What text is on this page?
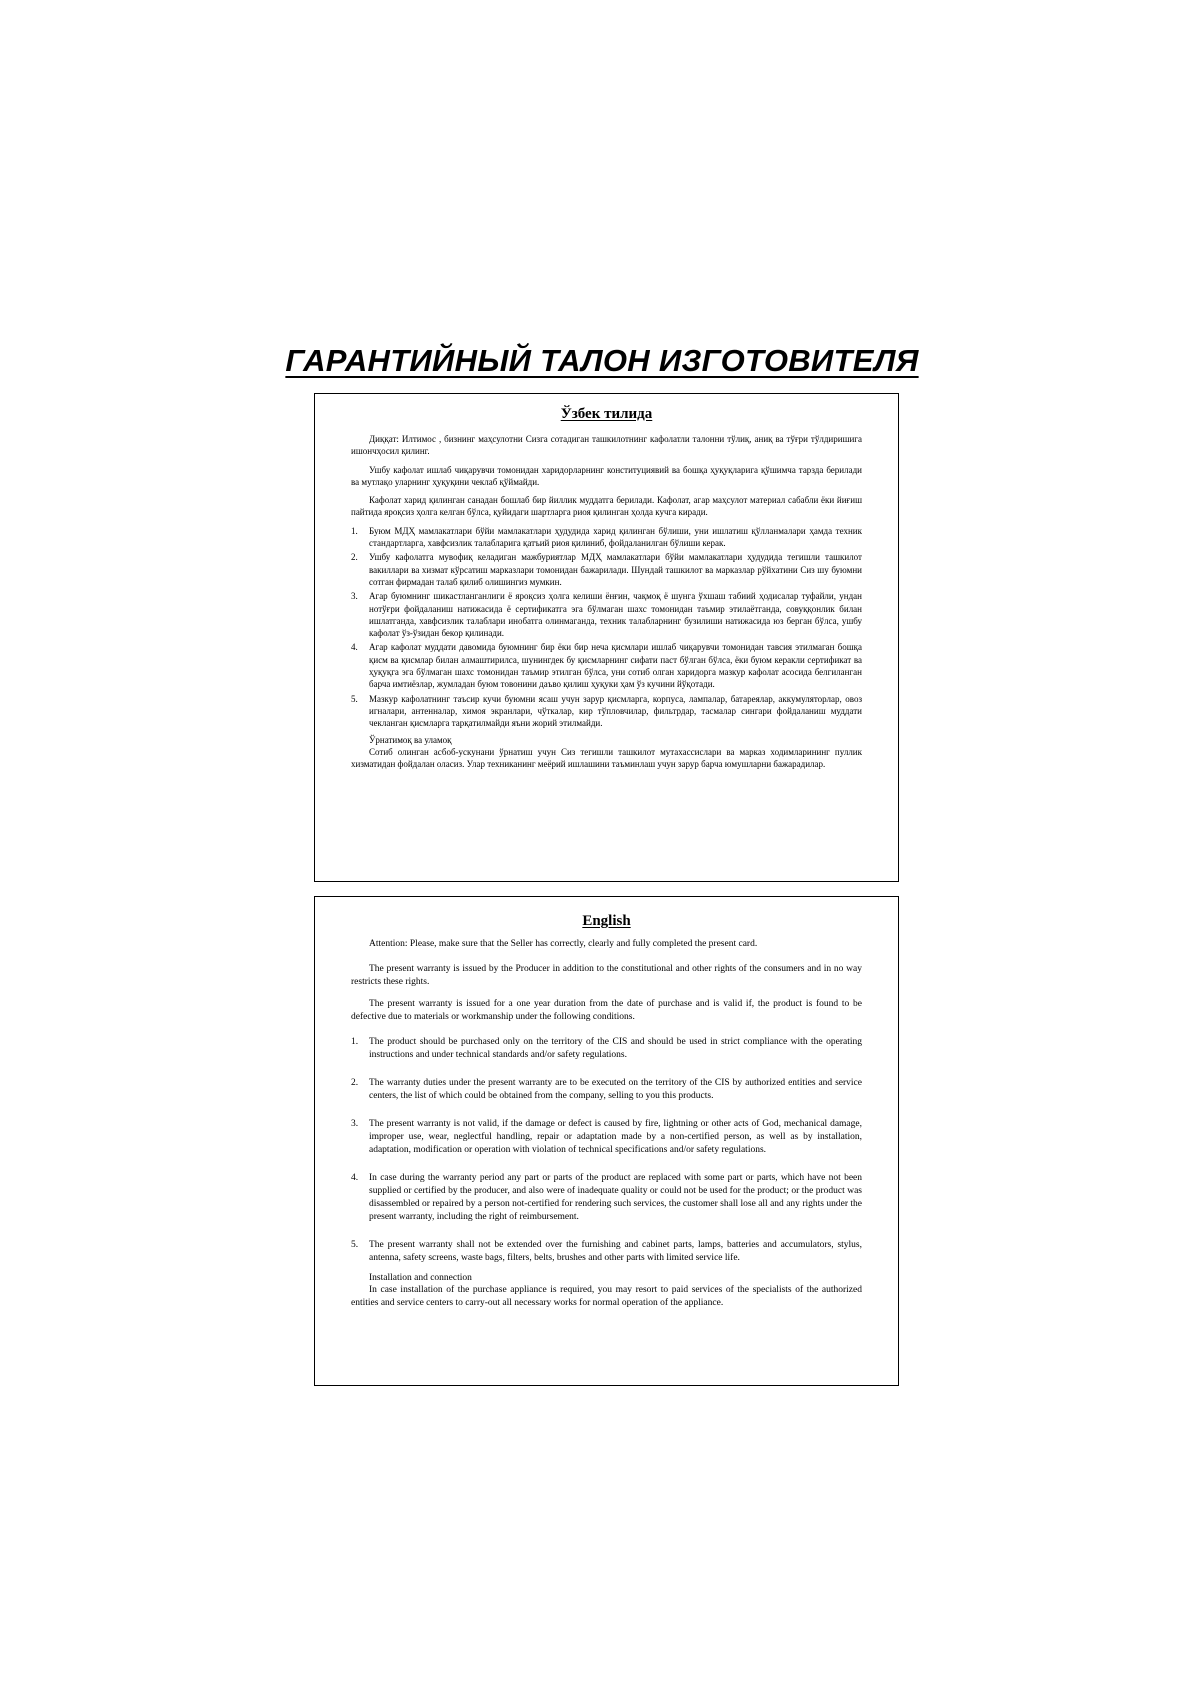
ГАРАНТИЙНЫЙ ТАЛОН ИЗГОТОВИТЕЛЯ
Ўзбек тилида

Диққат: Илтимос , бизнинг маҳсулотни Сизга сотадиган ташкилотнинг кафолатли талонни тўлиқ, аниқ ва тўғри тўлдиришига ишончҳосил қилинг.

Ушбу кафолат ишлаб чиқарувчи томонидан харидорларнинг конституциявий ва бошқа ҳуқуқларига қўшимча тарзда берилади ва мутлақо уларнинг ҳуқуқини чеклаб қўймайди.

Кафолат харид қилинган санадан бошлаб бир йиллик муддатга берилади. Кафолат, агар маҳсулот материал сабабли ёки йиғиш пайтида яроқсиз ҳолга келган бўлса, қуйидаги шартларга риоя қилинган ҳолда кучга киради.

1. Буюм МДҲ мамлакатлари бўйи мамлакатлари ҳудудида харид қилинган бўлиши, уни ишлатиш қўлланмалари ҳамда техник стандартларга, хавфсизлик талабларига қатъий риоя қилиниб, фойдаланилган бўлиши керак.
2. Ушбу кафолатга мувофиқ келадиган мажбуриятлар МДҲ мамлакатлари бўйи мамлакатлари ҳудудида тегишли ташкилот вакиллари ва хизмат кўрсатиш марказлари томонидан бажарилади. Шундай ташкилот ва марказлар рўйхатини Сиз шу буюмни сотган фирмадан талаб қилиб олишингиз мумкин.
3. Агар буюмнинг шикастланганлиги ё яроқсиз ҳолга келиши ёнғин, чақмоқ ё шунга ўхшаш табиий ҳодисалар туфайли, ундан нотўғри фойдаланиш натижасида ё сертификатга эга бўлмаган шахс томонидан таъмир этилаётганда, совуққонлик билан ишлатганда, хавфсизлик талаблари инобатга олинмаганда, техник талабларнинг бузилиши натижасида юз берган бўлса, ушбу кафолат ўз-ўзидан бекор қилинади.
4. Агар кафолат муддати давомида буюмнинг бир ёки бир неча қисмлари ишлаб чиқарувчи томонидан тавсия этилмаган бошқа қисм ва қисмлар билан алмаштирилса, шунингдек бу қисмларнинг сифати паст бўлган бўлса, ёки буюм керакли сертификат ва ҳуқуқга эга бўлмаган шахс томонидан таъмир этилган бўлса, уни сотиб олган харидорга мазкур кафолат асосида белгиланган барча имтиёзлар, жумладан буюм товонини даъво қилиш ҳуқуки ҳам ўз кучини йўқотади.
5. Мазкур кафолатнинг таъсир кучи буюмни ясаш учун зарур қисмларга, корпуса, лампалар, батареялар, аккумуляторлар, овоз игналари, антенналар, химоя экранлари, чўткалар, кир тўпловчилар, фильтрдар, тасмалар сингари фойдаланиш муддати чекланган қисмларга тарқатилмайди яъни жорий этилмайди.

Ўрнатимоқ ва уламоқ

Сотиб олинган асбоб-ускунани ўрнатиш учун Сиз тегишли ташкилот мутахассислари ва марказ ходимларининг пуллик хизматидан фойдалан оласиз. Улар техниканинг меёрий ишлашини таъминлаш учун зарур барча юмушларни бажарадилар.

English

Attention: Please, make sure that the Seller has correctly, clearly and fully completed the present card.

The present warranty is issued by the Producer in addition to the constitutional and other rights of the consumers and in no way restricts these rights.

The present warranty is issued for a one year duration from the date of purchase and is valid if, the product is found to be defective due to materials or workmanship under the following conditions.

1. The product should be purchased only on the territory of the CIS and should be used in strict compliance with the operating instructions and under technical standards and/or safety regulations.
2. The warranty duties under the present warranty are to be executed on the territory of the CIS by authorized entities and service centers, the list of which could be obtained from the company, selling to you this products.
3. The present warranty is not valid, if the damage or defect is caused by fire, lightning or other acts of God, mechanical damage, improper use, wear, neglectful handling, repair or adaptation made by a non-certified person, as well as by installation, adaptation, modification or operation with violation of technical specifications and/or safety regulations.
4. In case during the warranty period any part or parts of the product are replaced with some part or parts, which have not been supplied or certified by the producer, and also were of inadequate quality or could not be used for the product; or the product was disassembled or repaired by a person not-certified for rendering such services, the customer shall lose all and any rights under the present warranty, including the right of reimbursement.
5. The present warranty shall not be extended over the furnishing and cabinet parts, lamps, batteries and accumulators, stylus, antenna, safety screens, waste bags, filters, belts, brushes and other parts with limited service life.

Installation and connection

In case installation of the purchase appliance is required, you may resort to paid services of the specialists of the authorized entities and service centers to carry-out all necessary works for normal operation of the appliance.
